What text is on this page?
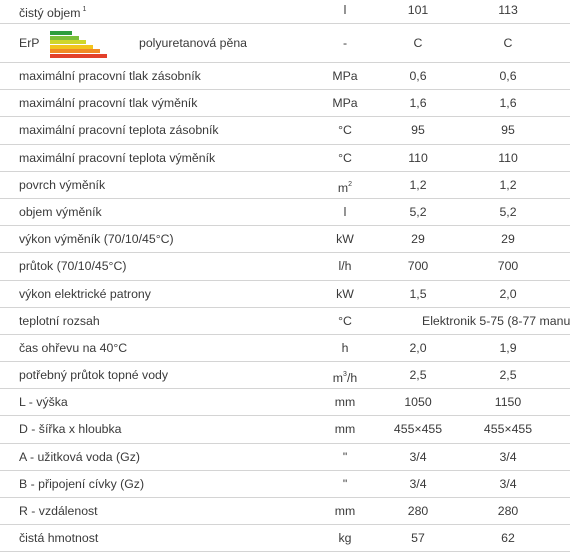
čistý objem $^1$	l	101	113
ErP	polyuretanová pěna	-	C	C
maximální pracovní tlak zásobník	MPa	0,6	0,6
maximální pracovní tlak výměník	MPa	1,6	1,6
maximální pracovní teplota zásobník	°C	95	95
maximální pracovní teplota výměník	°C	110	110
povrch výměník	$m^2$	1,2	1,2
objem výměník	l	5,2	5,2
výkon výměník (70/10/45°C)	kW	29	29
průtok (70/10/45°C)	l/h	700	700
výkon elektrické patrony	kW	1,5	2,0
teplotní rozsah	°C	Elektronik 5-75 (8-77 manu
čas ohřevu na 40°C	h	2,0	1,9
potřebný průtok topné vody	$m^3/h$	2,5	2,5
L - výška	mm	1050	1150
D - šířka x hloubka	mm	455×455	455×455
A - užitková voda (Gz)	"	3/4	3/4
B - připojení cívky (Gz)	"	3/4	3/4
R - vzdálenost	mm	280	280
čistá hmotnost	kg	57	62
